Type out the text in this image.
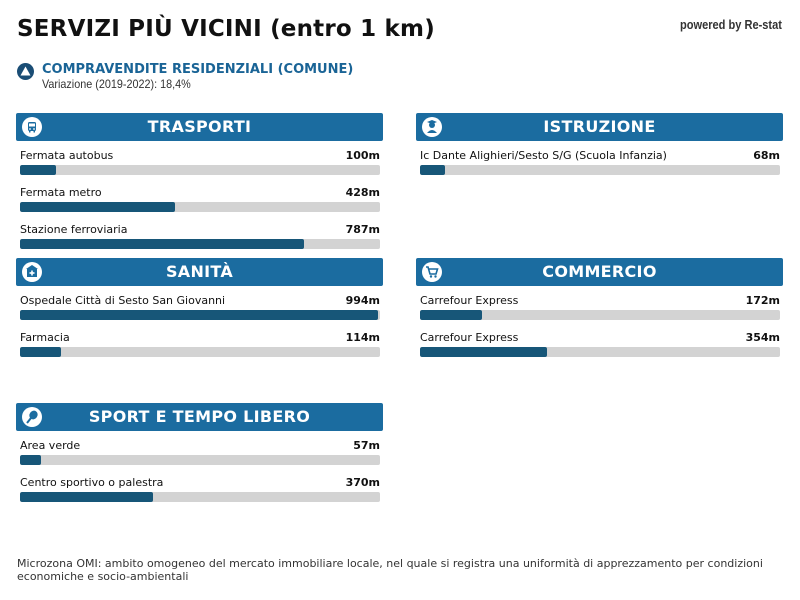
SERVIZI PIÙ VICINI (entro 1 km)	powered by Re-stat
COMPRAVENDITE RESIDENZIALI (COMUNE)
Variazione (2019-2022): 18,4%
TRASPORTI
Fermata autobus	100m
Fermata metro	428m
Stazione ferroviaria	787m
ISTRUZIONE
Ic Dante Alighieri/Sesto S/G (Scuola Infanzia)	68m
SANITÀ
Ospedale Città di Sesto San Giovanni	994m
Farmacia	114m
COMMERCIO
Carrefour Express	172m
Carrefour Express	354m
SPORT E TEMPO LIBERO
Area verde	57m
Centro sportivo o palestra	370m
Microzona OMI: ambito omogeneo del mercato immobiliare locale, nel quale si registra una uniformità di apprezzamento per condizioni economiche e socio-ambientali
